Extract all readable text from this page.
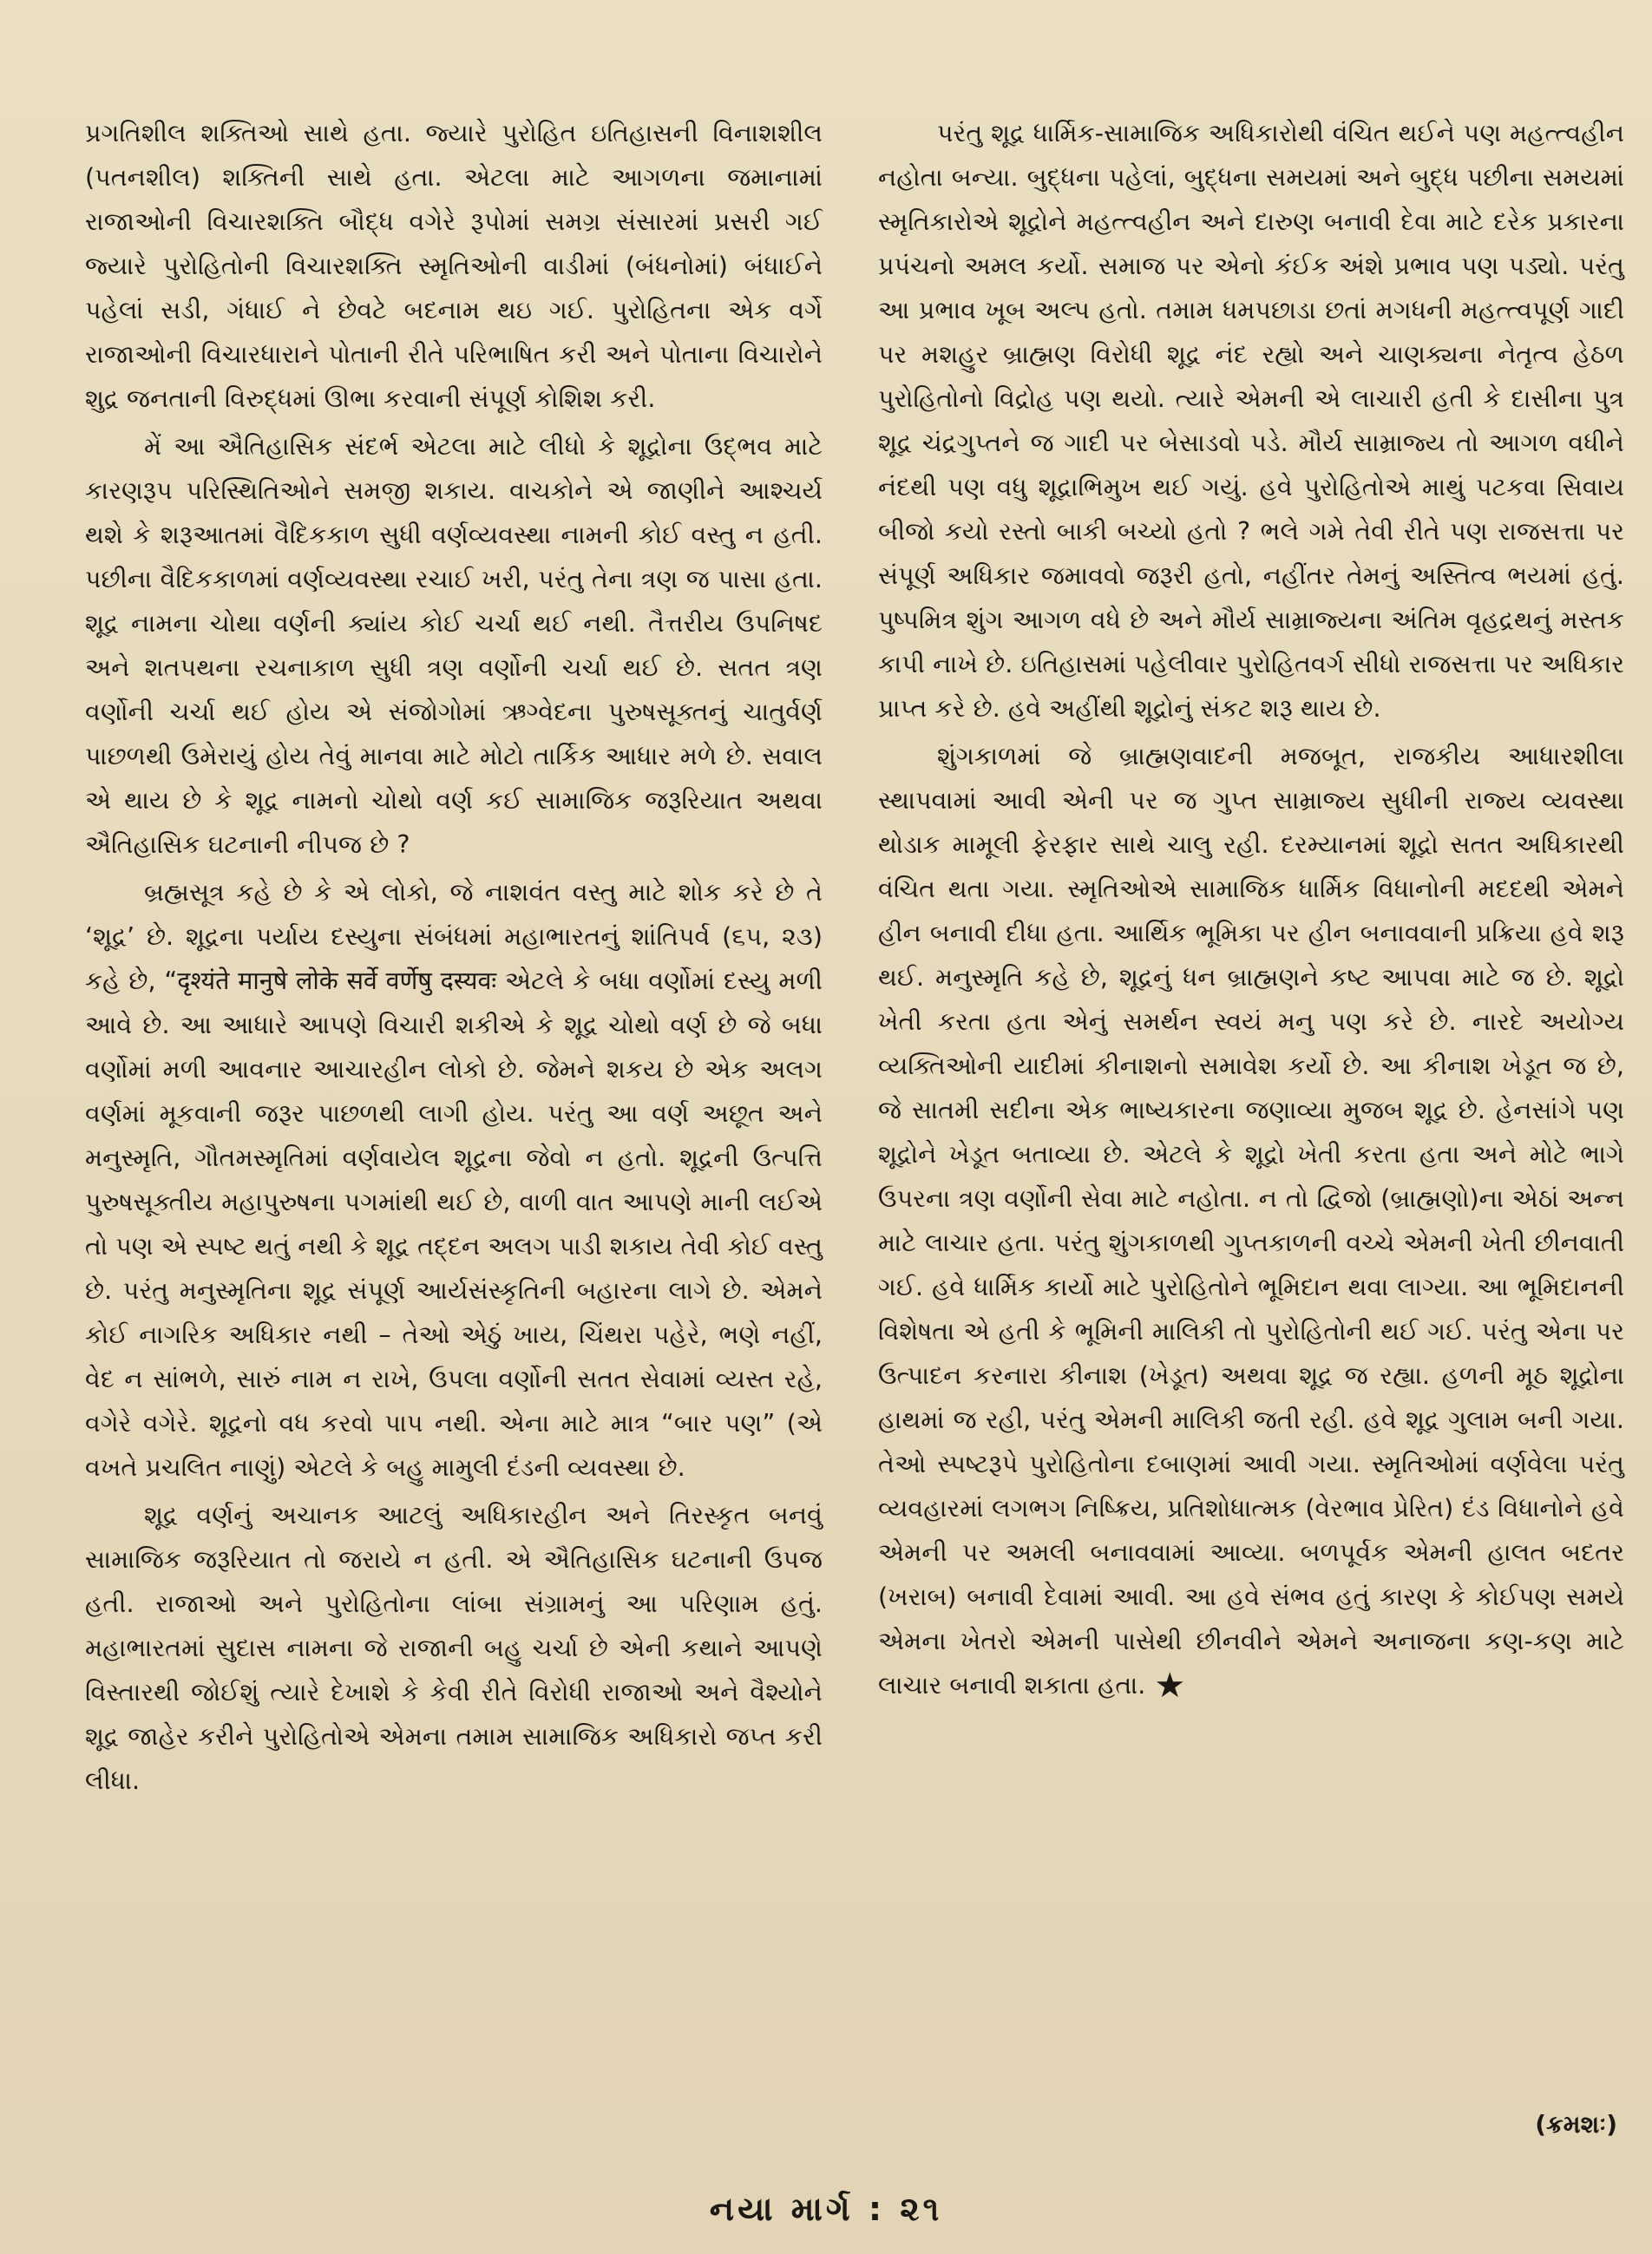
પ્રગતિશીલ શક્તિઓ સાથે હતા. જ્યારે પુરોહિત ઇતિહાસની વિનાશશીલ (પતનશીલ) શક્તિની સાથે હતા. એટલા માટે આગળના જમાનામાં રાજાઓની વિચારશક્તિ બૌદ્ધ વગેરે રૂપોમાં સમગ્ર સંસારમાં પ્રસરી ગઈ જ્યારે પુરોહિતોની વિચારશક્તિ સ્મૃતિઓની વાડીમાં (બંધનોમાં) બંધાઈને પહેલાં સડી, ગંધાઈ ને છેવટે બદનામ થઇ ગઈ. પુરોહિતના એક વર્ગે રાજાઓની વિચારધારાને પોતાની રીતે પરિભાષિત કરી અને પોતાના વિચારોને શુદ્ર જનતાની વિરુદ્ધમાં ઊભા કરવાની સંપૂર્ણ કોશિશ કરી.

મેં આ ઐતિહાસિક સંદર્ભ એટલા માટે લીધો કે શૂદ્રોના ઉદ્ભવ માટે કારણરૂપ પરિસ્થિતિઓને સમજી શકાય. વાચકોને એ જાણીને આશ્ચર્ય થશે કે શરૂઆતમાં વૈદિકકાળ સુધી વર્ણવ્યવસ્થા નામની કોઈ વસ્તુ ન હતી. પછીના વૈદિકકાળમાં વર્ણવ્યવસ્થા રચાઈ ખરી, પરંતુ તેના ત્રણ જ પાસા હતા. શૂદ્ર નામના ચોથા વર્ણની ક્યાંય કોઈ ચર્ચા થઈ નથી. તૈત્તરીય ઉપનિષદ અને શતપથના રચનાકાળ સુધી ત્રણ વર્ણોની ચર્ચા થઈ છે. સતત ત્રણ વર્ણોની ચર્ચા થઈ હોય એ સંજોગોમાં ઋગ્વેદના પુરુષસૂક્તનું ચાતુર્વર્ણ પાછળથી ઉમેરાયું હોય તેવું માનવા માટે મોટો તાર્કિક આધાર મળે છે. સવાલ એ થાય છે કે શૂદ્ર નામનો ચોથો વર્ણ કઈ સામાજિક જરૂરિયાત અથવા ઐતિહાસિક ઘટનાની નીપજ છે ?

બ્રહ્મસૂત્ર કહે છે કે એ લોકો, જે નાશવંત વસ્તુ માટે શોક કરે છે તે ‘શૂદ્ર’ છે. શૂદ્રના પર્યાય દસ્યુના સંબંધમાં મહાભારતનું શાંતિપર્વ (૬૫, ૨૩) કહે છે, “दृश्यंते मानुषे लोके सर्वे वर्णेषु दस्यवः એટલે કે બધા વર્ણોમાં દસ્યુ મળી આવે છે. આ આધારે આપણે વિચારી શકીએ કે શૂદ્ર ચોથો વર્ણ છે જે બધા વર્ણોમાં મળી આવનાર આચારહીન લોકો છે. જેમને શકય છે એક અલગ વર્ણમાં મૂકવાની જરૂર પાછળથી લાગી હોય. પરંતુ આ વર્ણ અછૂત અને મનુસ્મૃતિ, ગૌતમસ્મૃતિમાં વર્ણવાયેલ શૂદ્રના જેવો ન હતો. શૂદ્રની ઉત્પત્તિ પુરુષસૂક્તીય મહાપુરુષના પગમાંથી થઈ છે, વાળી વાત આપણે માની લઈએ તો પણ એ સ્પષ્ટ થતું નથી કે શૂદ્ર તદ્દન અલગ પાડી શકાય તેવી કોઈ વસ્તુ છે. પરંતુ મનુસ્મૃતિના શૂદ્ર સંપૂર્ણ આર્યસંસ્કૃતિની બહારના લાગે છે. એમને કોઈ નાગરિક અધિકાર નથી – તેઓ એઠું ખાય, ચિંથરા પહેરે, ભણે નહીં, વેદ ન સાંભળે, સારું નામ ન રાખે, ઉપલા વર્ણોની સતત સેવામાં વ્યસ્ત રહે, વગેરે વગેરે. શૂદ્રનો વધ કરવો પાપ નથી. એના માટે માત્ર “બાર પણ” (એ વખતે પ્રચલિત નાણું) એટલે કે બહુ મામુલી દંડની વ્યવસ્થા છે.

શૂદ્ર વર્ણનું અચાનક આટલું અધિકારહીન અને તિરસ્કૃત બનવું સામાજિક જરૂરિયાત તો જરાયે ન હતી. એ ઐતિહાસિક ઘટનાની ઉપજ હતી. રાજાઓ અને પુરોહિતોના લાંબા સંગ્રામનું આ પરિણામ હતું. મહાભારતમાં સુદાસ નામના જે રાજાની બહુ ચર્ચા છે એની કથાને આપણે વિસ્તારથી જોઈશું ત્યારે દેખાશે કે કેવી રીતે વિરોધી રાજાઓ અને વૈશ્યોને શૂદ્ર જાહેર કરીને પુરોહિતોએ એમના તમામ સામાજિક અધિકારો જપ્ત કરી લીધા.

પરંતુ શૂદ્ર ધાર્મિક-સામાજિક અધિકારોથી વંચિત થઈને પણ મહત્ત્વહીન નહોતા બન્યા. બુદ્ધના પહેલાં, બુદ્ધના સમયમાં અને બુદ્ધ પછીના સમયમાં સ્મૃતિકારોએ શૂદ્રોને મહત્ત્વહીન અને દારુણ બનાવી દેવા માટે દરેક પ્રકારના પ્રપંચનો અમલ કર્યો. સમાજ પર એનો કંઈક અંશે પ્રભાવ પણ પડ્યો. પરંતુ આ પ્રભાવ ખૂબ અલ્પ હતો. તમામ ધમપછાડા છતાં મગધની મહત્ત્વપૂર્ણ ગાદી પર મશહુર બ્રાહ્મણ વિરોધી શૂદ્ર નંદ રહ્યો અને ચાણક્યના નેતૃત્વ હેઠળ પુરોહિતોનો વિદ્રોહ પણ થયો. ત્યારે એમની એ લાચારી હતી કે દાસીના પુત્ર શૂદ્ર ચંદ્રગુપ્તને જ ગાદી પર બેસાડવો પડે. મૌર્ય સામ્રાજ્ય તો આગળ વધીને નંદથી પણ વધુ શૂદ્રાભિમુખ થઈ ગયું. હવે પુરોહિતોએ માથું પટકવા સિવાય બીજો કયો રસ્તો બાકી બચ્યો હતો ? ભલે ગમે તેવી રીતે પણ રાજસત્તા પર સંપૂર્ણ અધિકાર જમાવવો જરૂરી હતો, નહીંતર તેમનું અસ્તિત્વ ભયમાં હતું. પુષ્પમિત્ર શુંગ આગળ વધે છે અને મૌર્ય સામ્રાજ્યના અંતિમ વૃહદ્રથનું મસ્તક કાપી નાખે છે. ઇતિહાસમાં પહેલીવાર પુરોહિતવર્ગ સીધો રાજસત્તા પર અધિકાર પ્રાપ્ત કરે છે. હવે અહીંથી શૂદ્રોનું સંકટ શરૂ થાય છે.

શુંગકાળમાં જે બ્રાહ્મણવાદની મજબૂત, રાજકીય આધારશીલા સ્થાપવામાં આવી એની પર જ ગુપ્ત સામ્રાજ્ય સુધીની રાજ્ય વ્યવસ્થા થોડાક મામૂલી ફેરફાર સાથે ચાલુ રહી. દરમ્યાનમાં શૂદ્રો સતત અધિકારથી વંચિત થતા ગયા. સ્મૃતિઓએ સામાજિક ધાર્મિક વિધાનોની મદદથી એમને હીન બનાવી દીધા હતા. આર્થિક ભૂમિકા પર હીન બનાવવાની પ્રક્રિયા હવે શરૂ થઈ. મનુસ્મૃતિ કહે છે, શૂદ્રનું ધન બ્રાહ્મણને કષ્ટ આપવા માટે જ છે. શૂદ્રો ખેતી કરતા હતા એનું સમર્થન સ્વયં મનુ પણ કરે છે. નારદે અયોગ્ય વ્યક્તિઓની યાદીમાં કીનાશનો સમાવેશ કર્યો છે. આ કીનાશ ખેડૂત જ છે, જે સાતમી સદીના એક ભાષ્યકારના જણાવ્યા મુજબ શૂદ્ર છે. હેનસાંગે પણ શૂદ્રોને ખેડૂત બતાવ્યા છે. એટલે કે શૂદ્રો ખેતી કરતા હતા અને મોટે ભાગે ઉપરના ત્રણ વર્ણોની સેવા માટે નહોતા. ન તો દ્વિજો (બ્રાહ્મણો)ના એઠાં અન્ન માટે લાચાર હતા. પરંતુ શુંગકાળથી ગુપ્તકાળની વચ્ચે એમની ખેતી છીનવાતી ગઈ. હવે ધાર્મિક કાર્યો માટે પુરોહિતોને ભૂમિદાન થવા લાગ્યા. આ ભૂમિદાનની વિશેષતા એ હતી કે ભૂમિની માલિકી તો પુરોહિતોની થઈ ગઈ. પરંતુ એના પર ઉત્પાદન કરનારા કીનાશ (ખેડૂત) અથવા શૂદ્ર જ રહ્યા. હળની મૂઠ શૂદ્રોના હાથમાં જ રહી, પરંતુ એમની માલિકી જતી રહી. હવે શૂદ્ર ગુલામ બની ગયા. તેઓ સ્પષ્ટરૂપે પુરોહિતોના દબાણમાં આવી ગયા. સ્મૃતિઓમાં વર્ણવેલા પરંતુ વ્યવહારમાં લગભગ નિષ્ક્રિય, પ્રતિશોધાત્મક (વેરભાવ પ્રેરિત) દંડ વિધાનોને હવે એમની પર અમલી બનાવવામાં આવ્યા. બળપૂર્વક એમની હાલત બદતર (ખરાબ) બનાવી દેવામાં આવી. આ હવે સંભવ હતું કારણ કે કોઈપણ સમયે એમના ખેતરો એમની પાસેથી છીનવીને એમને અનાજના કણ-કણ માટે લાચાર બનાવી શકાતા હતા. ★

(ક્રમશઃ)
નયા માર્ગ : ૨૧
